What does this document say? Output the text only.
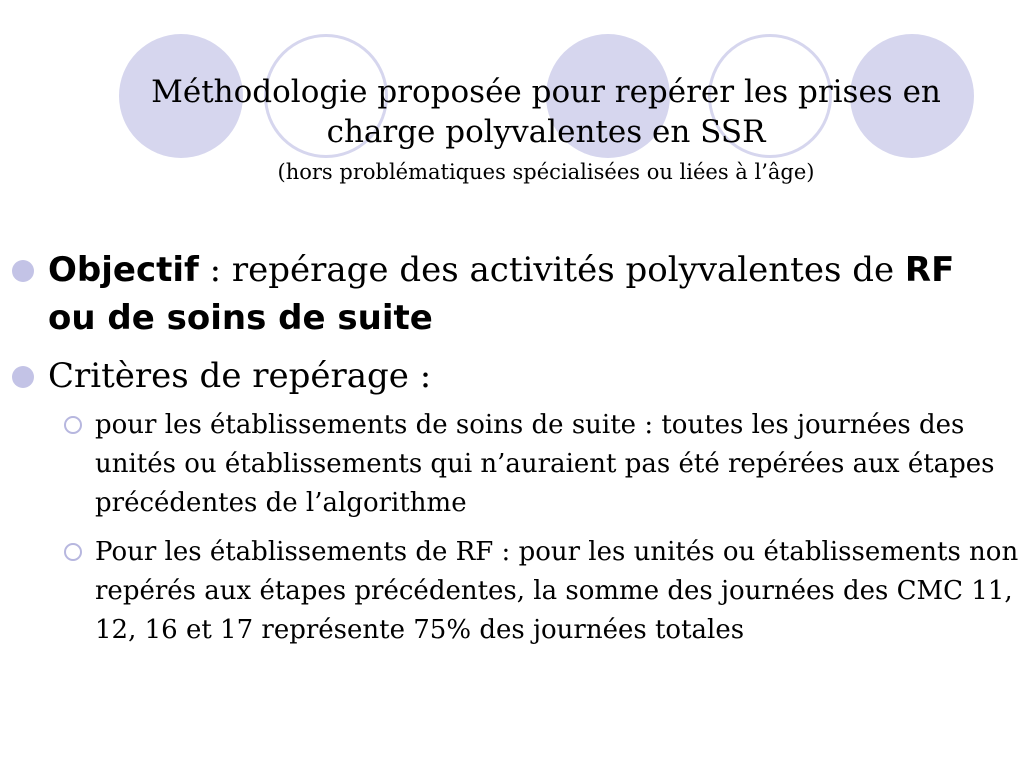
Méthodologie proposée pour repérer les prises en charge polyvalentes en SSR
(hors problématiques spécialisées ou liées à l’âge)
Objectif : repérage des activités polyvalentes de RF ou de soins de suite
Critères de repérage :
pour les établissements de soins de suite : toutes les journées des unités ou établissements qui n’auraient pas été repérées aux étapes précédentes de l’algorithme
Pour les établissements de RF : pour les unités ou établissements non repérés aux étapes précédentes, la somme des journées des CMC 11, 12, 16 et 17 représente 75% des journées totales
